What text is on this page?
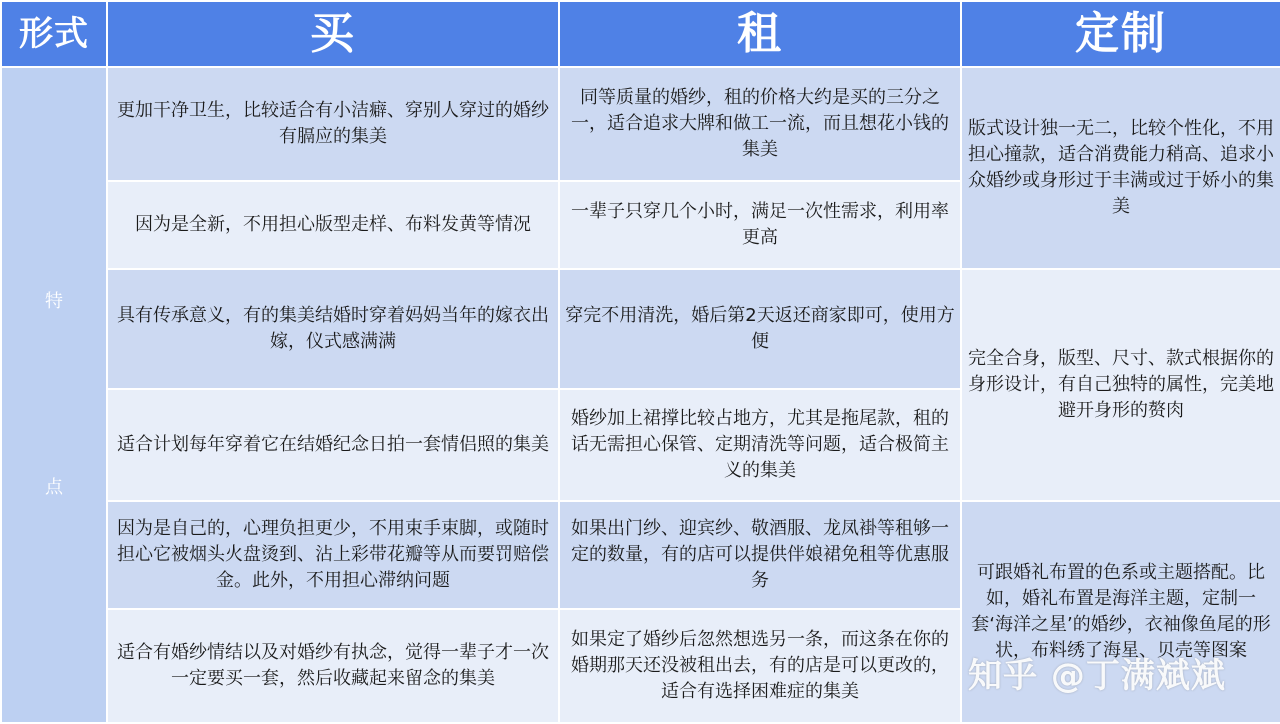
形式	买	租	定制
特
点	更加干净卫生，比较适合有小洁癖、穿别人穿过的婚纱有膈应的集美	同等质量的婚纱，租的价格大约是买的三分之一，适合追求大牌和做工一流，而且想花小钱的集美	版式设计独一无二，比较个性化，不用担心撞款，适合消费能力稍高、追求小众婚纱或身形过于丰满或过于娇小的集美
	因为是全新，不用担心版型走样、布料发黄等情况	一辈子只穿几个小时，满足一次性需求，利用率更高	
	具有传承意义，有的集美结婚时穿着妈妈当年的嫁衣出嫁，仪式感满满	穿完不用清洗，婚后第2天返还商家即可，使用方便	完全合身，版型、尺寸、款式根据你的身形设计，有自己独特的属性，完美地避开身形的赘肉
	适合计划每年穿着它在结婚纪念日拍一套情侣照的集美	婚纱加上裙撑比较占地方，尤其是拖尾款，租的话无需担心保管、定期清洗等问题，适合极简主义的集美	
	因为是自己的，心理负担更少，不用束手束脚，或随时担心它被烟头火盘烫到、沾上彩带花瓣等从而要罚赔偿金。此外，不用担心滞纳问题	如果出门纱、迎宾纱、敬酒服、龙凤褂等租够一定的数量，有的店可以提供伴娘裙免租等优惠服务	可跟婚礼布置的色系或主题搭配。比如，婚礼布置是海洋主题，定制一套‘海洋之星’的婚纱，衣袖像鱼尾的形状，布料绣了海星、贝壳等图案
	适合有婚纱情结以及对婚纱有执念，觉得一辈子才一次一定要买一套，然后收藏起来留念的集美	如果定了婚纱后忽然想选另一条，而这条在你的婚期那天还没被租出去，有的店是可以更改的，适合有选择困难症的集美		知乎 @丁满斌斌
